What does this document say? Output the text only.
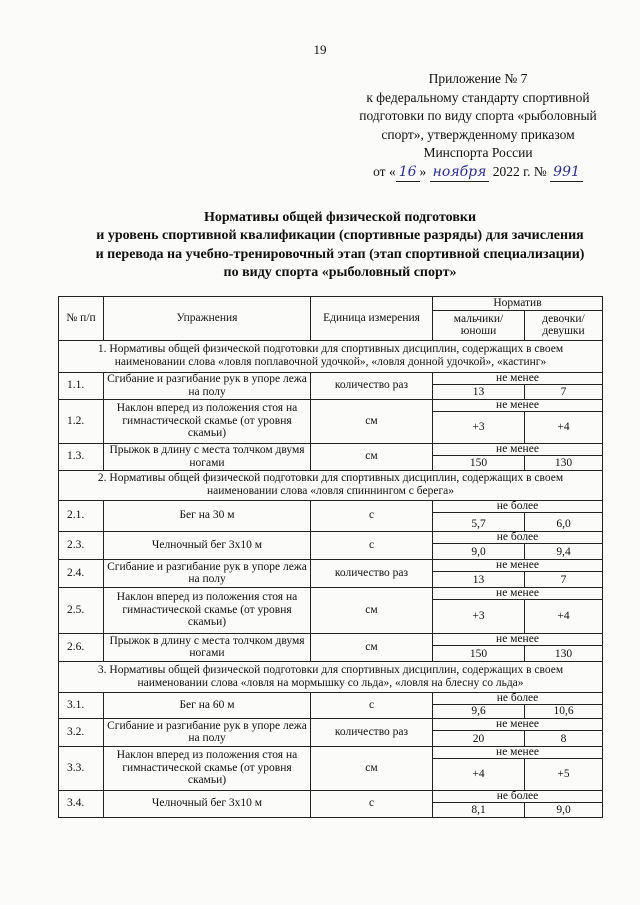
19
Приложение № 7
к федеральному стандарту спортивной
подготовки по виду спорта «рыболовный
спорт», утвержденному приказом
Минспорта России
от « 16 » ноября 2022 г. № 991
Нормативы общей физической подготовки
и уровень спортивной квалификации (спортивные разряды) для зачисления
и перевода на учебно-тренировочный этап (этап спортивной специализации)
по виду спорта «рыболовный спорт»
№ п/п	Упражнения	Единица измерения	Норматив	
			мальчики/ юноши	девочки/ девушки
1. Нормативы общей физической подготовки для спортивных дисциплин, содержащих в своем наименовании слова «ловля поплавочной удочкой», «ловля донной удочкой», «кастинг»				
1.1.	Сгибание и разгибание рук в упоре лежа на полу	количество раз	не менее	
			13	7
1.2.	Наклон вперед из положения стоя на гимнастической скамье (от уровня скамьи)	см	не менее	
			+3	+4
1.3.	Прыжок в длину с места толчком двумя ногами	см	не менее	
			150	130
2. Нормативы общей физической подготовки для спортивных дисциплин, содержащих в своем наименовании слова «ловля спиннингом с берега»				
2.1.	Бег на 30 м	с	не более	
			5,7	6,0
2.3.	Челночный бег 3х10 м	с	не более	
			9,0	9,4
2.4.	Сгибание и разгибание рук в упоре лежа на полу	количество раз	не менее	
			13	7
2.5.	Наклон вперед из положения стоя на гимнастической скамье (от уровня скамьи)	см	не менее	
			+3	+4
2.6.	Прыжок в длину с места толчком двумя ногами	см	не менее	
			150	130
3. Нормативы общей физической подготовки для спортивных дисциплин, содержащих в своем наименовании слова «ловля на мормышку со льда», «ловля на блесну со льда»				
3.1.	Бег на 60 м	с	не более	
			9,6	10,6
3.2.	Сгибание и разгибание рук в упоре лежа на полу	количество раз	не менее	
			20	8
3.3.	Наклон вперед из положения стоя на гимнастической скамье (от уровня скамьи)	см	не менее	
			+4	+5
3.4.	Челночный бег 3х10 м	с	не более	
			8,1	9,0
